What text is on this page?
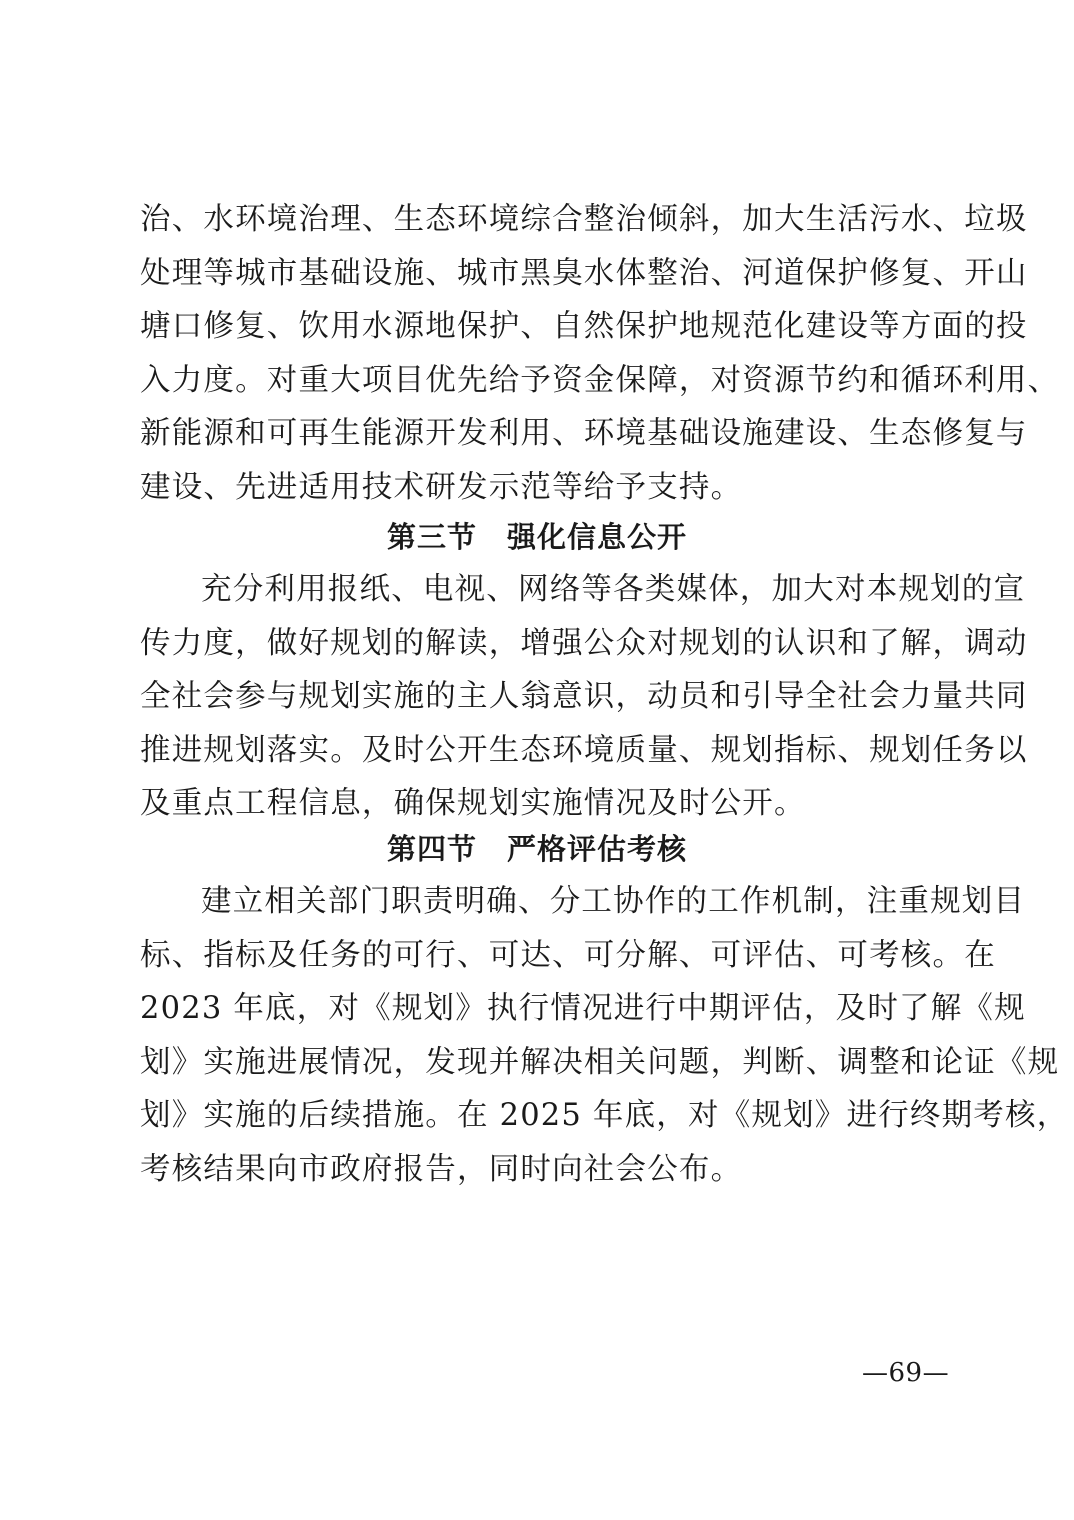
治、水环境治理、生态环境综合整治倾斜，加大生活污水、垃圾
处理等城市基础设施、城市黑臭水体整治、河道保护修复、开山
塘口修复、饮用水源地保护、自然保护地规范化建设等方面的投
入力度。对重大项目优先给予资金保障，对资源节约和循环利用、
新能源和可再生能源开发利用、环境基础设施建设、生态修复与
建设、先进适用技术研发示范等给予支持。
第三节　强化信息公开
充分利用报纸、电视、网络等各类媒体，加大对本规划的宣
传力度，做好规划的解读，增强公众对规划的认识和了解，调动
全社会参与规划实施的主人翁意识，动员和引导全社会力量共同
推进规划落实。及时公开生态环境质量、规划指标、规划任务以
及重点工程信息，确保规划实施情况及时公开。
第四节　严格评估考核
建立相关部门职责明确、分工协作的工作机制，注重规划目
标、指标及任务的可行、可达、可分解、可评估、可考核。在
2023 年底，对《规划》执行情况进行中期评估，及时了解《规
划》实施进展情况，发现并解决相关问题，判断、调整和论证《规
划》实施的后续措施。在 2025 年底，对《规划》进行终期考核，
考核结果向市政府报告，同时向社会公布。
—69—
